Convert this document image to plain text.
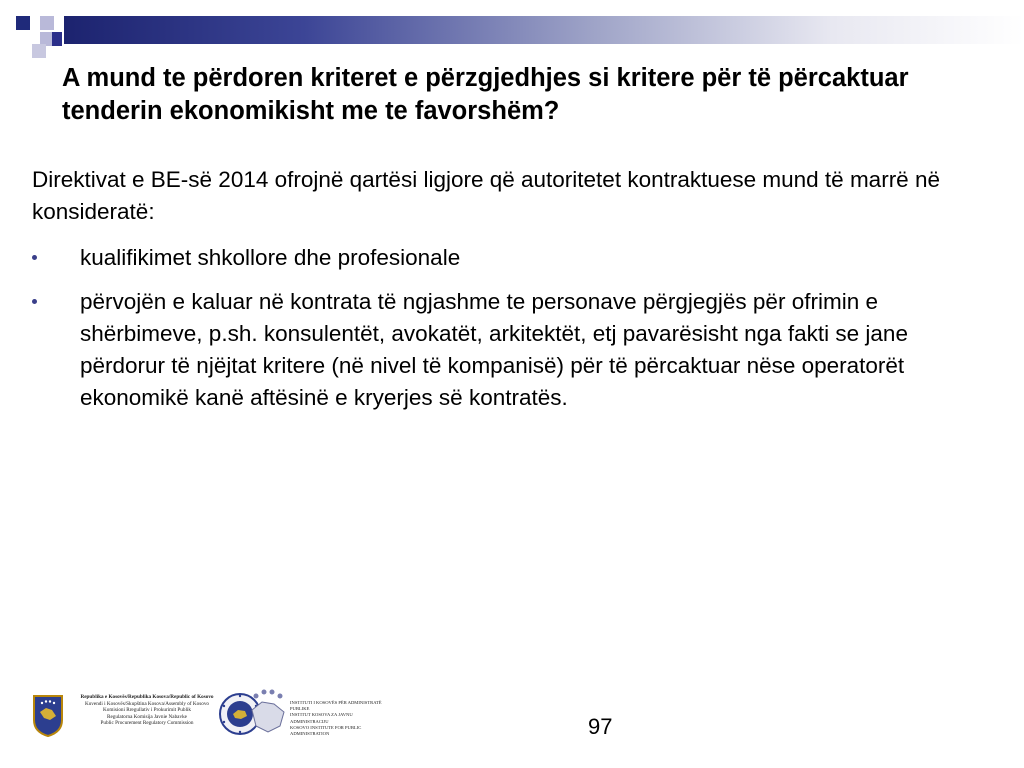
A mund te përdoren kriteret e përzgjedhjes si kritere për të përcaktuar tenderin ekonomikisht me te favorshëm?

Direktivat e BE-së 2014 ofrojnë qartësi ligjore që autoritetet kontraktuese mund të marrë në konsideratë:

kualifikimet shkollore dhe profesionale
përvojën e kaluar në kontrata të ngjashme te personave përgjegjës për ofrimin e shërbimeve, p.sh. konsulentët, avokatët, arkitektët, etj pavarësisht nga fakti se jane përdorur të njëjtat kritere (në nivel të kompanisë) për të përcaktuar nëse operatorët ekonomikë kanë aftësinë e kryerjes së kontratës.
Republika e Kosovës/Republika Kosova/Republic of Kosovo
Kuvendi i Kosovës/Skupština Kosova/Assembly of Kosovo
Komisioni Rregullativ i Prokurimit Publik
Regulatorna Komisija Javnie Nabavke
Public Procurement Regulatory Commission
INSTITUTI I KOSOVËS PËR ADMINISTRATË PUBLIKE
INSTITUT KOSOVA ZA JAVNU ADMINISTRACIJU
KOSOVO INSTITUTE FOR PUBLIC ADMINISTRATION	97
